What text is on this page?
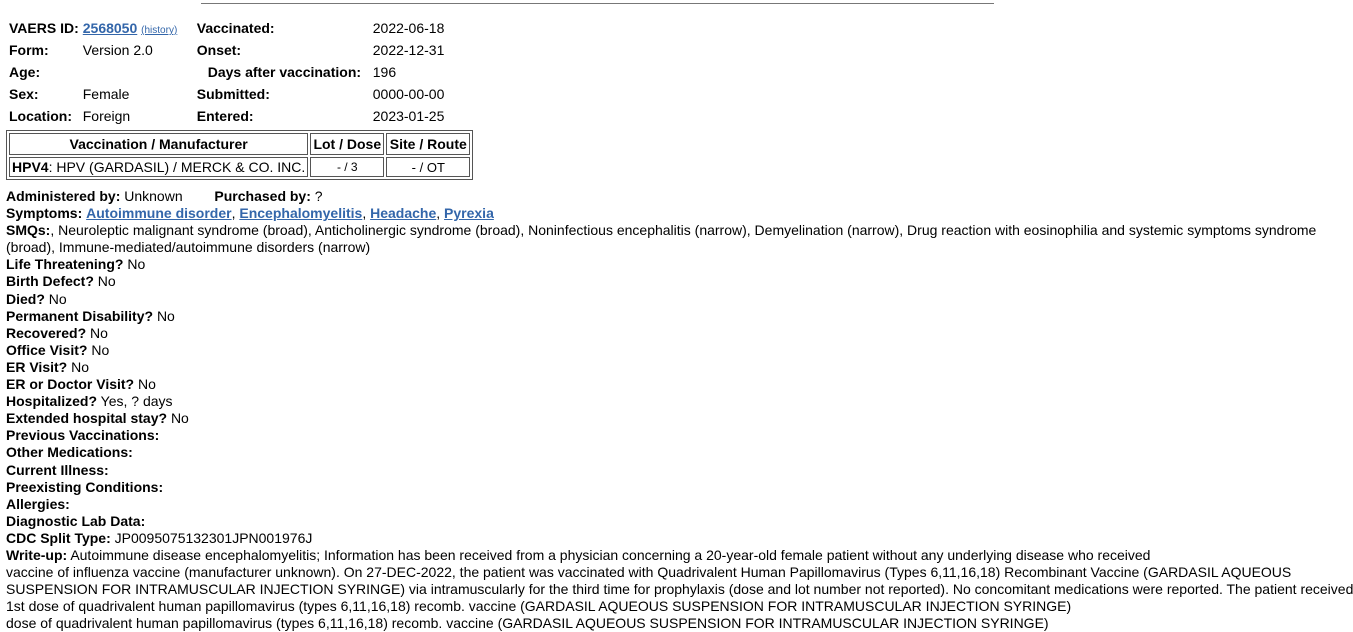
VAERS ID:	2568050 (history)	Vaccinated:	2022-06-18
Form:	Version 2.0	Onset:	2022-12-31
Age:		Days after vaccination:	196
Sex:	Female	Submitted:	0000-00-00
Location:	Foreign	Entered:	2023-01-25
Vaccination / Manufacturer	Lot / Dose	Site / Route
HPV4: HPV (GARDASIL) / MERCK & CO. INC.	- / 3	- / OT
Administered by: Unknown Purchased by: ?
Symptoms: Autoimmune disorder, Encephalomyelitis, Headache, Pyrexia
SMQs:, Neuroleptic malignant syndrome (broad), Anticholinergic syndrome (broad), Noninfectious encephalitis (narrow), Demyelination (narrow), Drug reaction with eosinophilia and systemic symptoms syndrome
(broad), Immune-mediated/autoimmune disorders (narrow)
Life Threatening? No
Birth Defect? No
Died? No
Permanent Disability? No
Recovered? No
Office Visit? No
ER Visit? No
ER or Doctor Visit? No
Hospitalized? Yes, ? days
Extended hospital stay? No
Previous Vaccinations:
Other Medications:
Current Illness:
Preexisting Conditions:
Allergies:
Diagnostic Lab Data:
CDC Split Type: JP0095075132301JPN001976J
Write-up: Autoimmune disease encephalomyelitis; Information has been received from a physician concerning a 20-year-old female patient without any underlying disease who received
vaccine of influenza vaccine (manufacturer unknown). On 27-DEC-2022, the patient was vaccinated with Quadrivalent Human Papillomavirus (Types 6,11,16,18) Recombinant Vaccine (GARDASIL AQUEOUS
SUSPENSION FOR INTRAMUSCULAR INJECTION SYRINGE) via intramuscularly for the third time for prophylaxis (dose and lot number not reported). No concomitant medications were reported. The patient received
1st dose of quadrivalent human papillomavirus (types 6,11,16,18) recomb. vaccine (GARDASIL AQUEOUS SUSPENSION FOR INTRAMUSCULAR INJECTION SYRINGE)
dose of quadrivalent human papillomavirus (types 6,11,16,18) recomb. vaccine (GARDASIL AQUEOUS SUSPENSION FOR INTRAMUSCULAR INJECTION SYRINGE)
